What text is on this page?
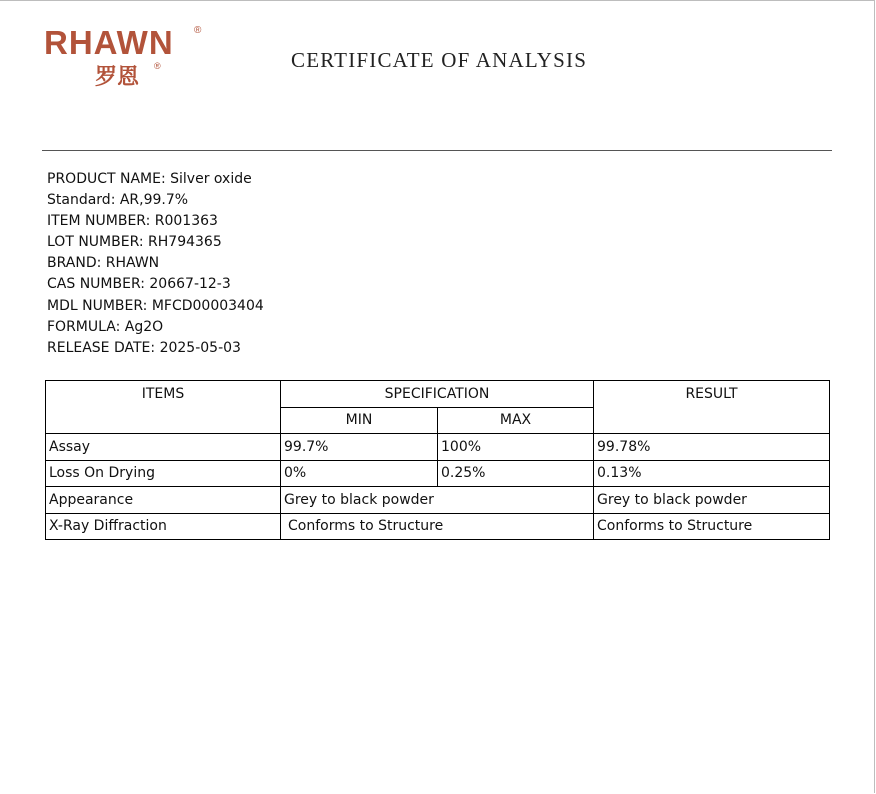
RHAWN ®
罗恩 ®	CERTIFICATE OF ANALYSIS
PRODUCT NAME: Silver oxide
Standard: AR,99.7%
ITEM NUMBER: R001363
LOT NUMBER: RH794365
BRAND: RHAWN
CAS NUMBER: 20667-12-3
MDL NUMBER: MFCD00003404
FORMULA: Ag2O
RELEASE DATE: 2025-05-03
ITEMS	SPECIFICATION		RESULT
	MIN	MAX	
Assay	99.7%	100%	99.78%
Loss On Drying	0%	0.25%	0.13%
Appearance	Grey to black powder		Grey to black powder
X-Ray Diffraction	Conforms to Structure		Conforms to Structure
